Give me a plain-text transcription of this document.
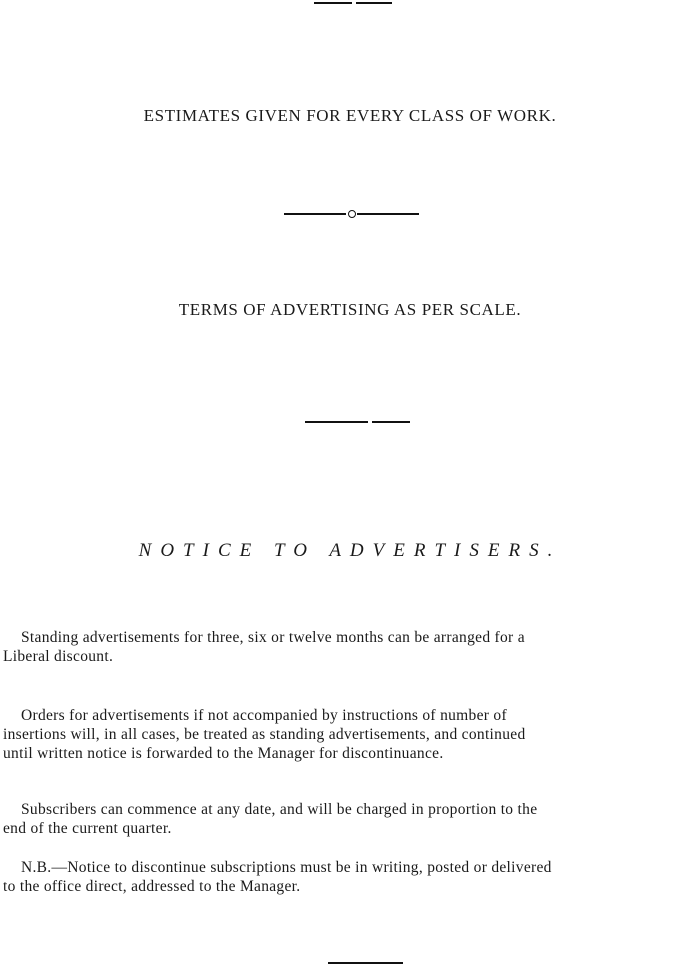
ESTIMATES GIVEN FOR EVERY CLASS OF WORK.
TERMS OF ADVERTISING AS PER SCALE.
NOTICE TO ADVERTISERS.
Standing advertisements for three, six or twelve months can be arranged for a
Liberal discount.
Orders for advertisements if not accompanied by instructions of number of
insertions will, in all cases, be treated as standing advertisements, and continued
until written notice is forwarded to the Manager for discontinuance.
Subscribers can commence at any date, and will be charged in proportion to the
end of the current quarter.
N.B.—Notice to discontinue subscriptions must be in writing, posted or delivered
to the office direct, addressed to the Manager.
